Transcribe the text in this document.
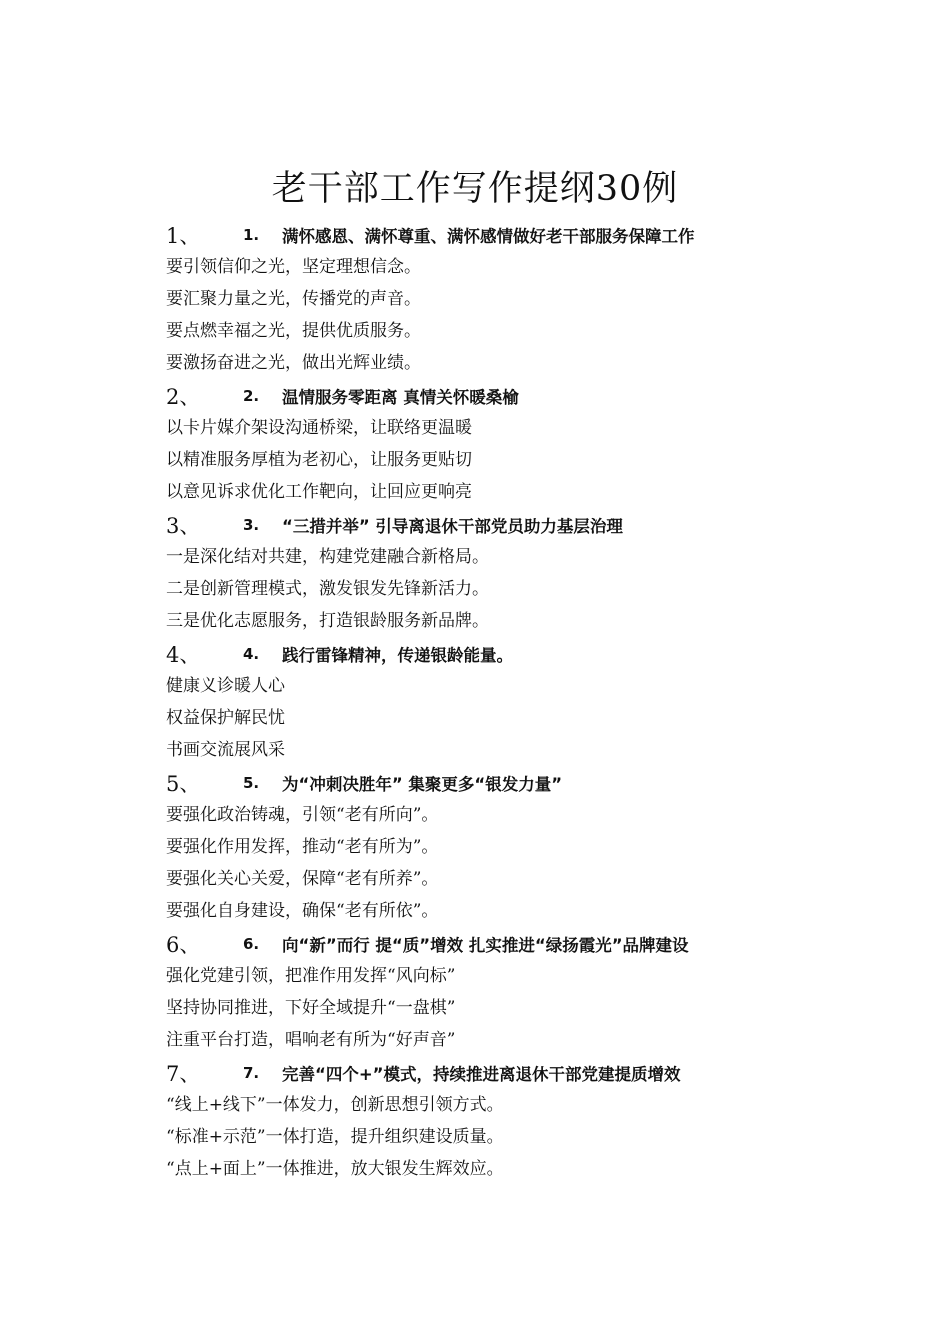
老干部工作写作提纲30例
1、	1.	满怀感恩、满怀尊重、满怀感情做好老干部服务保障工作
要引领信仰之光，坚定理想信念。
要汇聚力量之光，传播党的声音。
要点燃幸福之光，提供优质服务。
要激扬奋进之光，做出光辉业绩。
2、	2.	温情服务零距离 真情关怀暖桑榆
以卡片媒介架设沟通桥梁，让联络更温暖
以精准服务厚植为老初心，让服务更贴切
以意见诉求优化工作靶向，让回应更响亮
3、	3.	“三措并举” 引导离退休干部党员助力基层治理
一是深化结对共建，构建党建融合新格局。
二是创新管理模式，激发银发先锋新活力。
三是优化志愿服务，打造银龄服务新品牌。
4、	4.	践行雷锋精神，传递银龄能量。
健康义诊暖人心
权益保护解民忧
书画交流展风采
5、	5.	为“冲刺决胜年” 集聚更多“银发力量”
要强化政治铸魂，引领“老有所向”。
要强化作用发挥，推动“老有所为”。
要强化关心关爱，保障“老有所养”。
要强化自身建设，确保“老有所依”。
6、	6.	向“新”而行 提“质”增效 扎实推进“绿扬霞光”品牌建设
强化党建引领，把准作用发挥“风向标”
坚持协同推进，下好全域提升“一盘棋”
注重平台打造，唱响老有所为“好声音”
7、	7.	完善“四个+”模式，持续推进离退休干部党建提质增效
“线上+线下”一体发力，创新思想引领方式。
“标准+示范”一体打造，提升组织建设质量。
“点上+面上”一体推进，放大银发生辉效应。
